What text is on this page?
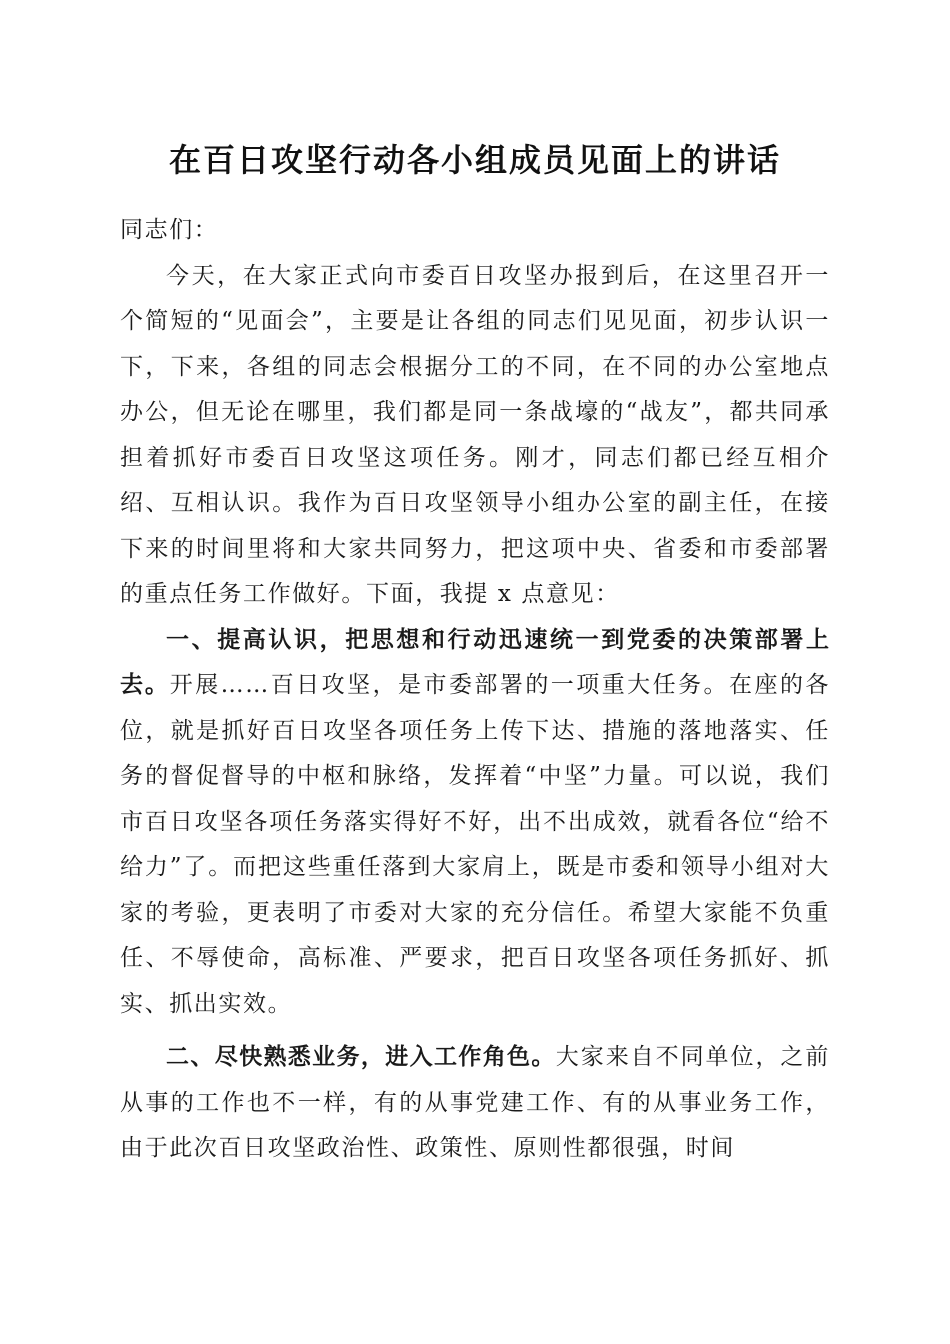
在百日攻坚行动各小组成员见面上的讲话

同志们：

今天，在大家正式向市委百日攻坚办报到后，在这里召开一个简短的“见面会”，主要是让各组的同志们见见面，初步认识一下，下来，各组的同志会根据分工的不同，在不同的办公室地点办公，但无论在哪里，我们都是同一条战壕的“战友”，都共同承担着抓好市委百日攻坚这项任务。刚才，同志们都已经互相介绍、互相认识。我作为百日攻坚领导小组办公室的副主任，在接下来的时间里将和大家共同努力，把这项中央、省委和市委部署的重点任务工作做好。下面，我提 x 点意见：

一、提高认识，把思想和行动迅速统一到党委的决策部署上去。开展……百日攻坚，是市委部署的一项重大任务。在座的各位，就是抓好百日攻坚各项任务上传下达、措施的落地落实、任务的督促督导的中枢和脉络，发挥着“中坚”力量。可以说，我们市百日攻坚各项任务落实得好不好，出不出成效，就看各位“给不给力”了。而把这些重任落到大家肩上，既是市委和领导小组对大家的考验，更表明了市委对大家的充分信任。希望大家能不负重任、不辱使命，高标准、严要求，把百日攻坚各项任务抓好、抓实、抓出实效。

二、尽快熟悉业务，进入工作角色。大家来自不同单位，之前从事的工作也不一样，有的从事党建工作、有的从事业务工作，由于此次百日攻坚政治性、政策性、原则性都很强，时间
